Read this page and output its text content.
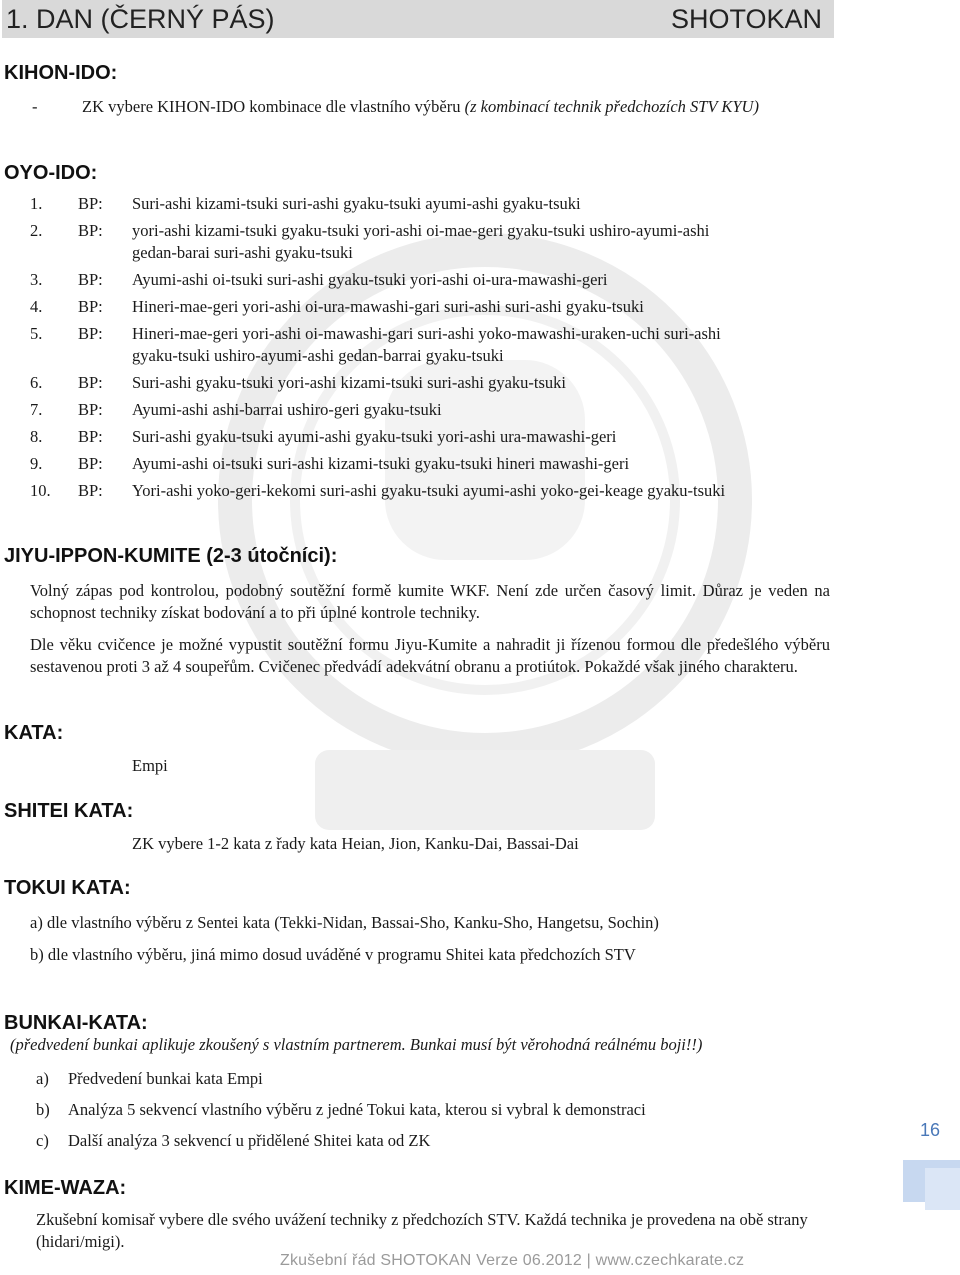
1. DAN (ČERNÝ PÁS)	SHOTOKAN
KIHON-IDO:
-	ZK vybere KIHON-IDO kombinace dle vlastního výběru (z kombinací technik předchozích STV KYU)
OYO-IDO:
1.	BP: Suri-ashi kizami-tsuki suri-ashi gyaku-tsuki ayumi-ashi gyaku-tsuki
2.	BP: yori-ashi kizami-tsuki gyaku-tsuki yori-ashi oi-mae-geri gyaku-tsuki ushiro-ayumi-ashi gedan-barai suri-ashi gyaku-tsuki
3.	BP: Ayumi-ashi oi-tsuki suri-ashi gyaku-tsuki yori-ashi oi-ura-mawashi-geri
4.	BP: Hineri-mae-geri yori-ashi oi-ura-mawashi-gari suri-ashi suri-ashi gyaku-tsuki
5.	BP: Hineri-mae-geri yori-ashi oi-mawashi-gari suri-ashi yoko-mawashi-uraken-uchi suri-ashi gyaku-tsuki ushiro-ayumi-ashi gedan-barrai gyaku-tsuki
6.	BP: Suri-ashi gyaku-tsuki yori-ashi kizami-tsuki suri-ashi gyaku-tsuki
7.	BP: Ayumi-ashi ashi-barrai ushiro-geri gyaku-tsuki
8.	BP: Suri-ashi gyaku-tsuki ayumi-ashi gyaku-tsuki yori-ashi ura-mawashi-geri
9.	BP: Ayumi-ashi oi-tsuki suri-ashi kizami-tsuki gyaku-tsuki hineri mawashi-geri
10.	BP: Yori-ashi yoko-geri-kekomi suri-ashi gyaku-tsuki ayumi-ashi yoko-gei-keage gyaku-tsuki
JIYU-IPPON-KUMITE (2-3 útočníci):
Volný zápas pod kontrolou, podobný soutěžní formě kumite WKF. Není zde určen časový limit. Důraz je veden na schopnost techniky získat bodování a to při úplné kontrole techniky.
Dle věku cvičence je možné vypustit soutěžní formu Jiyu-Kumite a nahradit ji řízenou formou dle předešlého výběru sestavenou proti 3 až 4 soupeřům. Cvičenec předvádí adekvátní obranu a protiútok. Pokaždé však jiného charakteru.
KATA:
Empi
SHITEI KATA:
ZK vybere 1-2 kata z řady kata Heian, Jion, Kanku-Dai, Bassai-Dai
TOKUI KATA:
a) dle vlastního výběru z Sentei kata (Tekki-Nidan, Bassai-Sho, Kanku-Sho, Hangetsu, Sochin)
b) dle vlastního výběru, jiná mimo dosud uváděné v programu Shitei kata předchozích STV
BUNKAI-KATA:
(předvedení bunkai aplikuje zkoušený s vlastním partnerem. Bunkai musí být věrohodná reálnému boji!!)
a) Předvedení bunkai kata Empi
b) Analýza 5 sekvencí vlastního výběru z jedné Tokui kata, kterou si vybral k demonstraci
c) Další analýza 3 sekvencí u přidělené Shitei kata od ZK
16
KIME-WAZA:
Zkušební komisař vybere dle svého uvážení techniky z předchozích STV. Každá technika je provedena na obě strany (hidari/migi).
Zkušební řád SHOTOKAN Verze 06.2012 | www.czechkarate.cz
